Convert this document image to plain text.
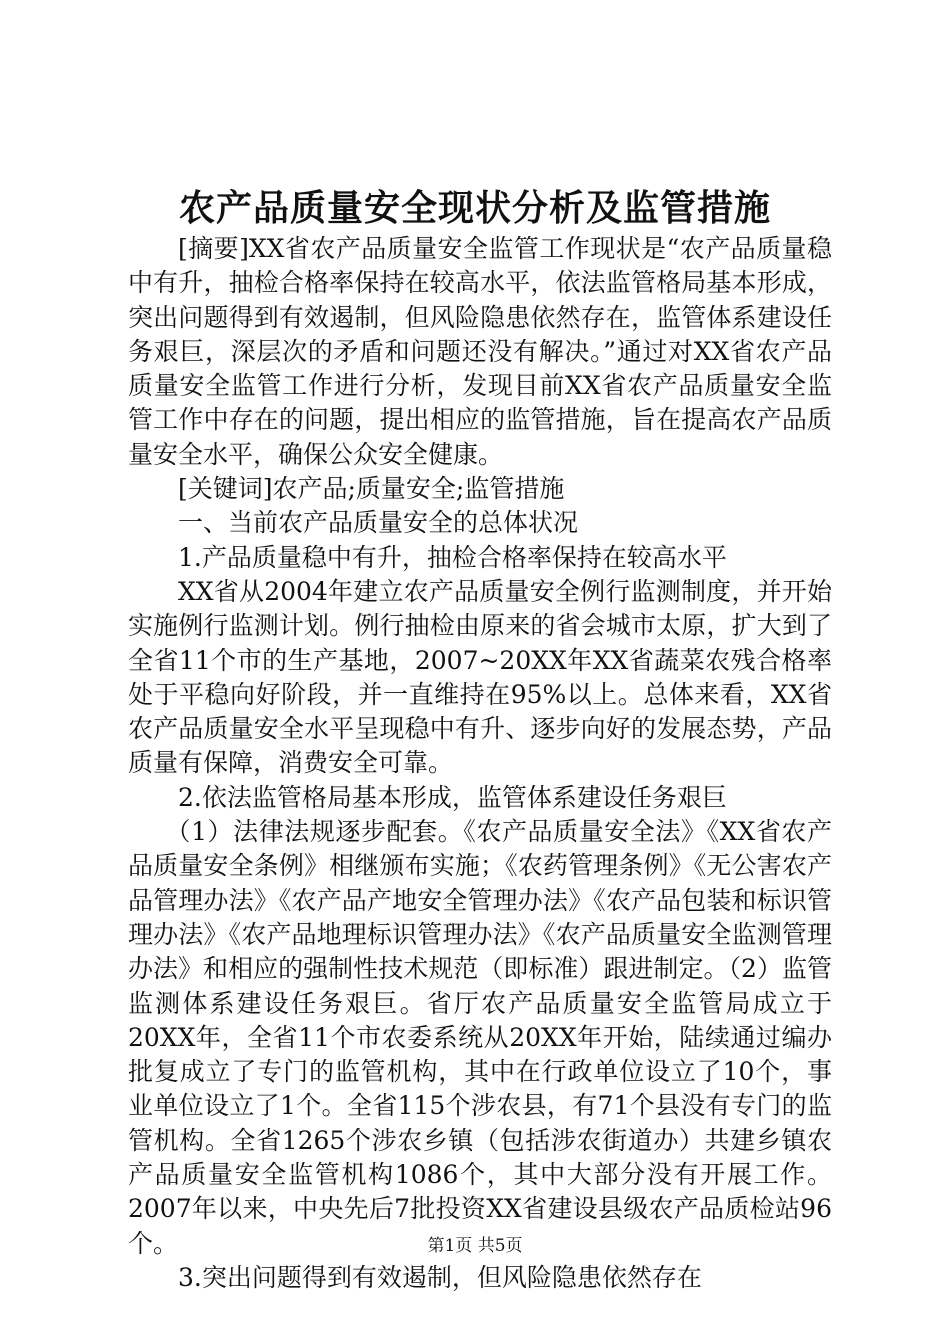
农产品质量安全现状分析及监管措施

[摘要]XX省农产品质量安全监管工作现状是“农产品质量稳中有升，抽检合格率保持在较高水平，依法监管格局基本形成，突出问题得到有效遏制，但风险隐患依然存在，监管体系建设任务艰巨，深层次的矛盾和问题还没有解决。”通过对XX省农产品质量安全监管工作进行分析，发现目前XX省农产品质量安全监管工作中存在的问题，提出相应的监管措施，旨在提高农产品质量安全水平，确保公众安全健康。

[关键词]农产品;质量安全;监管措施

一、当前农产品质量安全的总体状况

1.产品质量稳中有升，抽检合格率保持在较高水平

XX省从2004年建立农产品质量安全例行监测制度，并开始实施例行监测计划。例行抽检由原来的省会城市太原，扩大到了全省11个市的生产基地，2007~20XX年XX省蔬菜农残合格率处于平稳向好阶段，并一直维持在95%以上。总体来看，XX省农产品质量安全水平呈现稳中有升、逐步向好的发展态势，产品质量有保障，消费安全可靠。

2.依法监管格局基本形成，监管体系建设任务艰巨

（1）法律法规逐步配套。《农产品质量安全法》《XX省农产品质量安全条例》相继颁布实施；《农药管理条例》《无公害农产品管理办法》《农产品产地安全管理办法》《农产品包装和标识管理办法》《农产品地理标识管理办法》《农产品质量安全监测管理办法》和相应的强制性技术规范（即标准）跟进制定。（2）监管监测体系建设任务艰巨。省厅农产品质量安全监管局成立于20XX年，全省11个市农委系统从20XX年开始，陆续通过编办批复成立了专门的监管机构，其中在行政单位设立了10个，事业单位设立了1个。全省115个涉农县，有71个县没有专门的监管机构。全省1265个涉农乡镇（包括涉农街道办）共建乡镇农产品质量安全监管机构1086个，其中大部分没有开展工作。2007年以来，中央先后7批投资XX省建设县级农产品质检站96个。

3.突出问题得到有效遏制，但风险隐患依然存在

第1页 共5页
